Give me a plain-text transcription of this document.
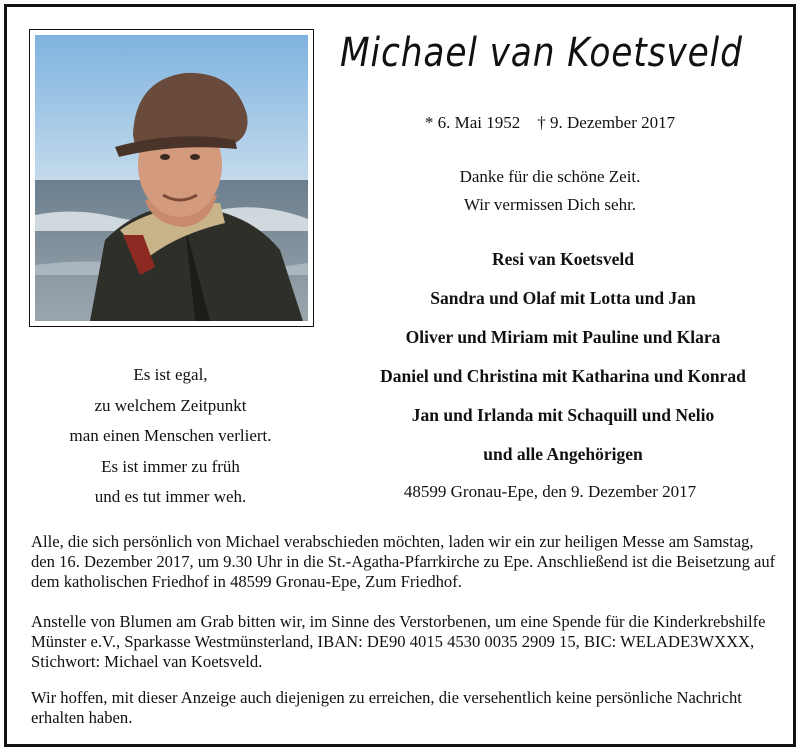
Michael van Koetsveld
* 6. Mai 1952    † 9. Dezember 2017
Danke für die schöne Zeit.
Wir vermissen Dich sehr.
Resi van Koetsveld
Sandra und Olaf mit Lotta und Jan
Oliver und Miriam mit Pauline und Klara
Daniel und Christina mit Katharina und Konrad
Jan und Irlanda mit Schaquill und Nelio
und alle Angehörigen
48599 Gronau-Epe, den 9. Dezember 2017
Es ist egal,
zu welchem Zeitpunkt
man einen Menschen verliert.
Es ist immer zu früh
und es tut immer weh.
Alle, die sich persönlich von Michael verabschieden möchten, laden wir ein zur heiligen Messe am Samstag, den 16. Dezember 2017, um 9.30 Uhr in die St.-Agatha-Pfarrkirche zu Epe. Anschließend ist die Beisetzung auf dem katholischen Friedhof in 48599 Gronau-Epe, Zum Friedhof.
Anstelle von Blumen am Grab bitten wir, im Sinne des Verstorbenen, um eine Spende für die Kinderkrebshilfe Münster e.V., Sparkasse Westmünsterland, IBAN: DE90 4015 4530 0035 2909 15, BIC: WELADE3WXXX, Stichwort: Michael van Koetsveld.
Wir hoffen, mit dieser Anzeige auch diejenigen zu erreichen, die versehentlich keine persönliche Nachricht erhalten haben.
